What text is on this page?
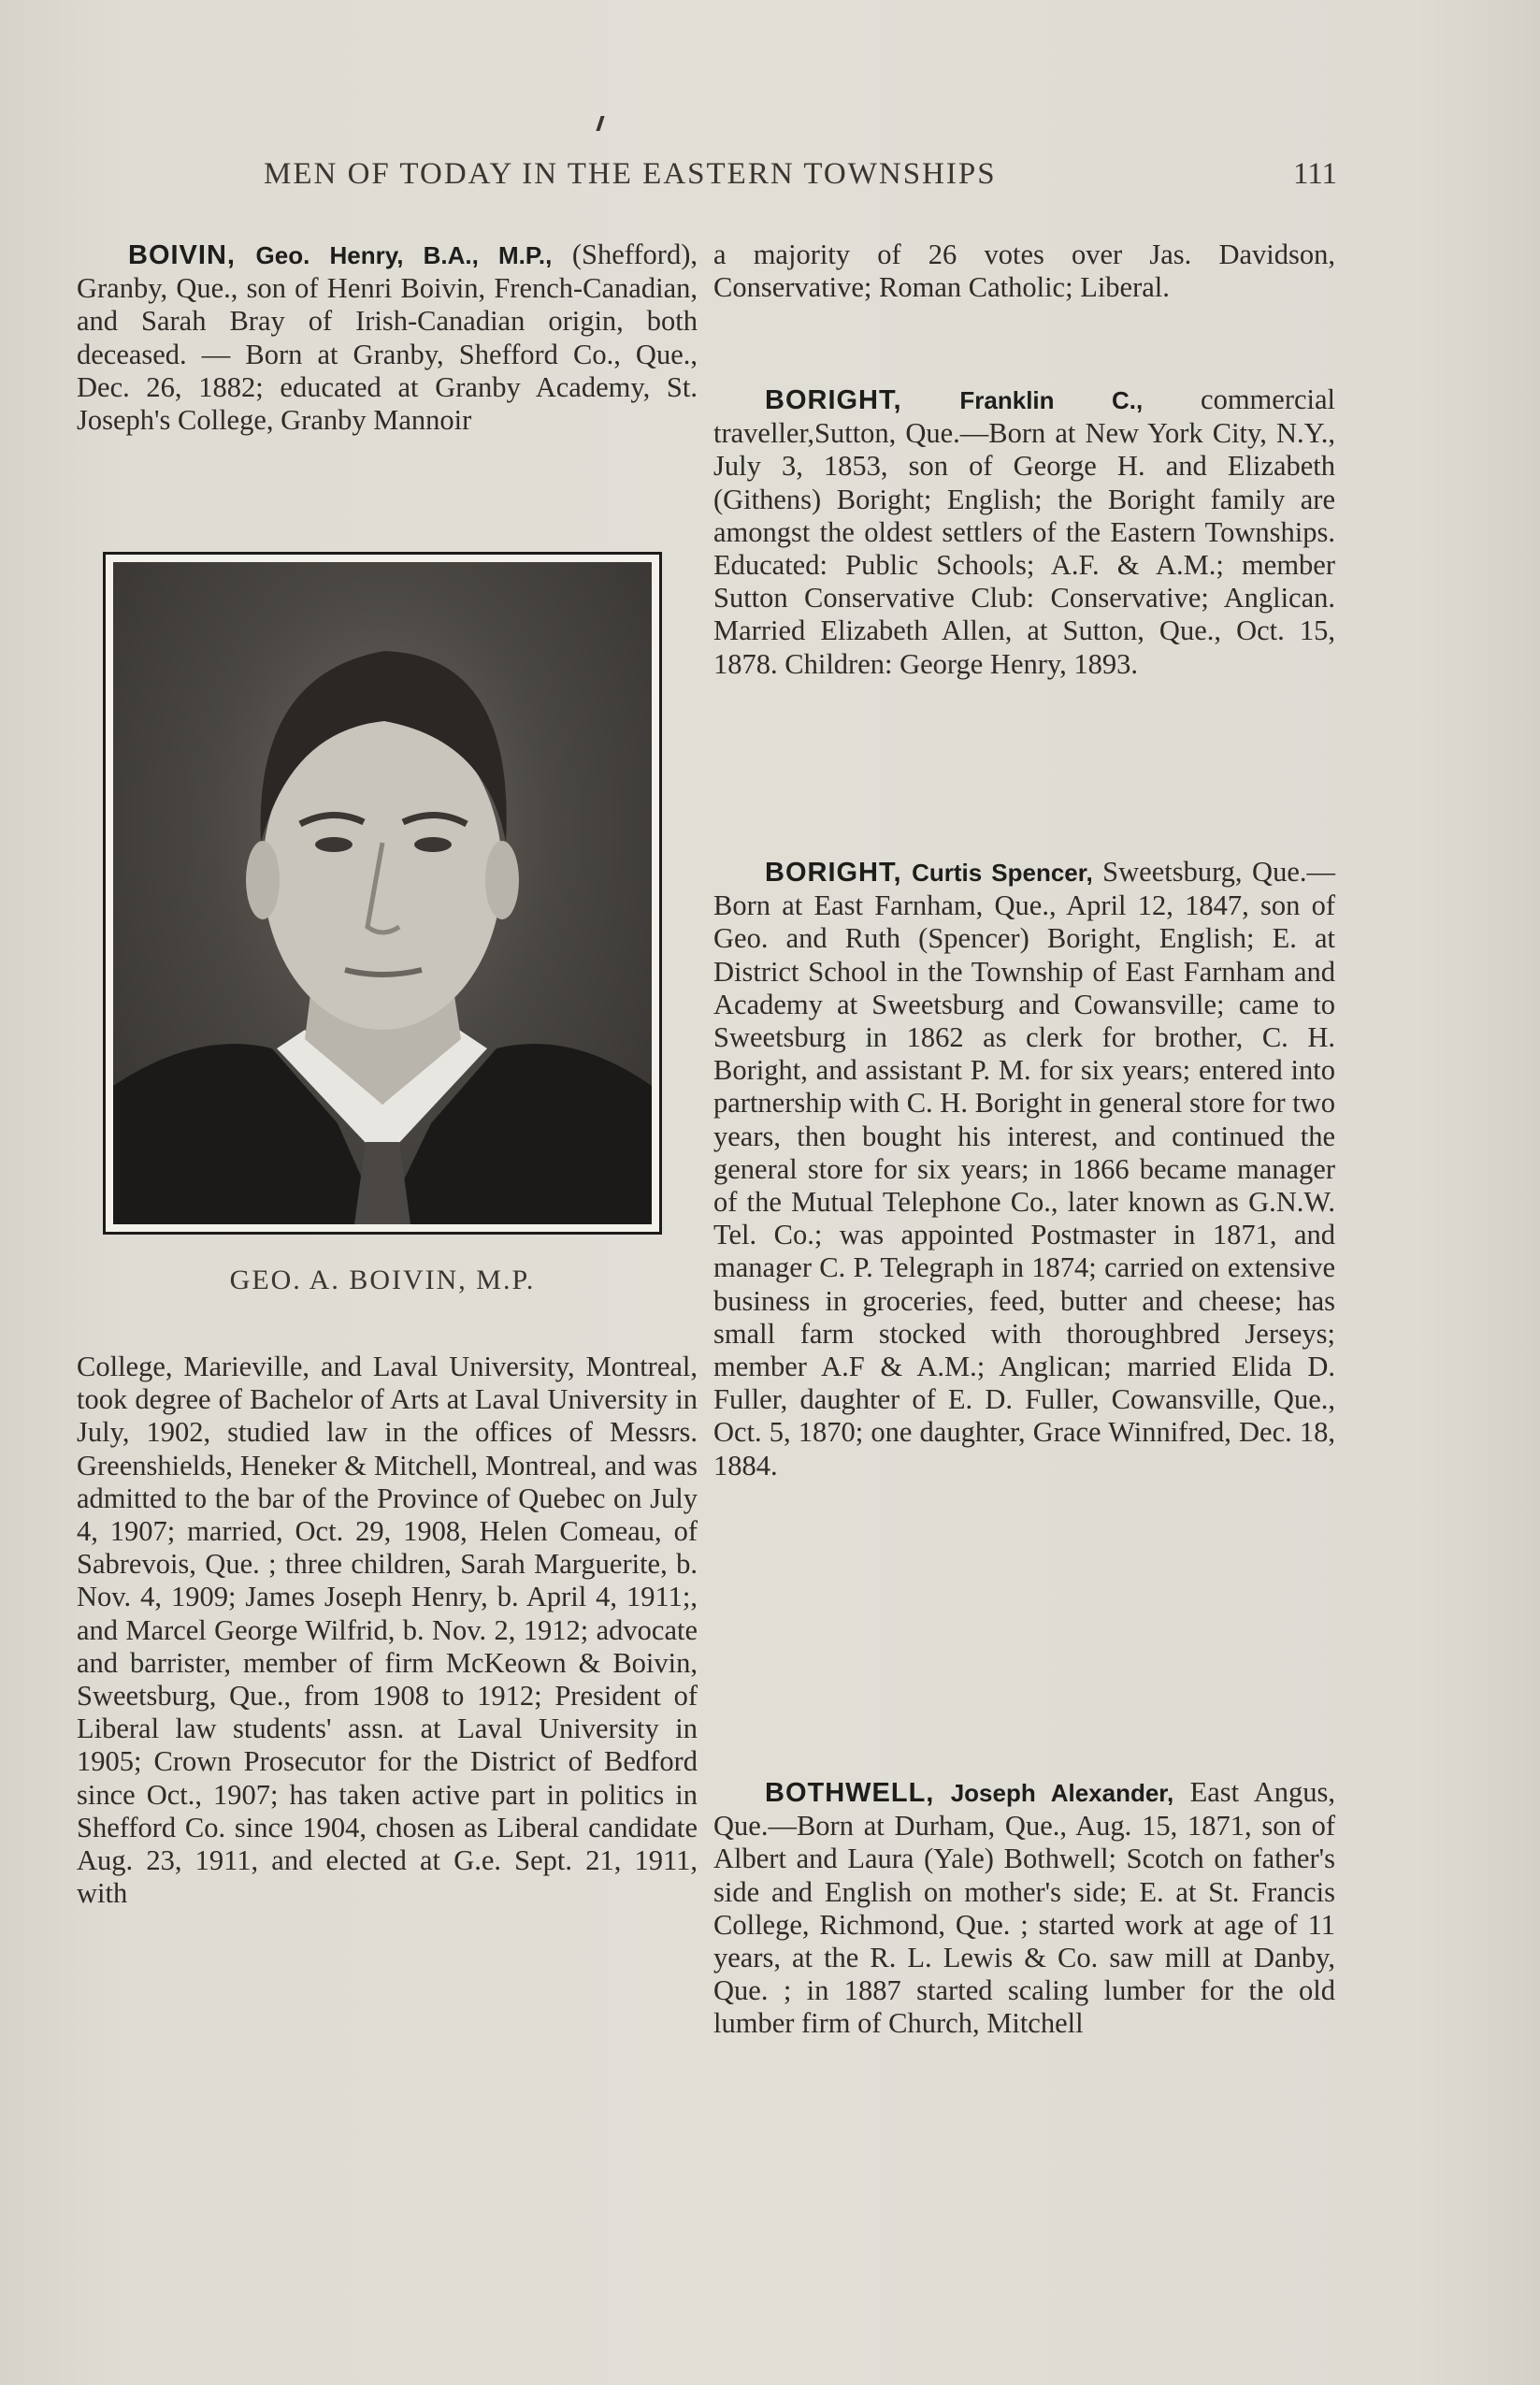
MEN OF TODAY IN THE EASTERN TOWNSHIPS	111

BOIVIN, Geo. Henry, B.A., M.P., (Shefford), Granby, Que., son of Henri Boivin, French-Canadian, and Sarah Bray of Irish-Canadian origin, both deceased. — Born at Granby, Shefford Co., Que., Dec. 26, 1882; educated at Granby Academy, St. Joseph's College, Granby Mannoir

GEO. A. BOIVIN, M.P.

College, Marieville, and Laval University, Montreal, took degree of Bachelor of Arts at Laval University in July, 1902, studied law in the offices of Messrs. Greenshields, Heneker & Mitchell, Montreal, and was admitted to the bar of the Province of Quebec on July 4, 1907; married, Oct. 29, 1908, Helen Comeau, of Sabrevois, Que. ; three children, Sarah Marguerite, b. Nov. 4, 1909; James Joseph Henry, b. April 4, 1911;, and Marcel George Wilfrid, b. Nov. 2, 1912; advocate and barrister, member of firm McKeown & Boivin, Sweetsburg, Que., from 1908 to 1912; President of Liberal law students' assn. at Laval University in 1905; Crown Prosecutor for the District of Bedford since Oct., 1907; has taken active part in politics in Shefford Co. since 1904, chosen as Liberal candidate Aug. 23, 1911, and elected at G.e. Sept. 21, 1911, with

a majority of 26 votes over Jas. Davidson, Conservative; Roman Catholic; Liberal.

BORIGHT, Franklin C., commercial traveller,Sutton, Que.—Born at New York City, N.Y., July 3, 1853, son of George H. and Elizabeth (Githens) Boright; English; the Boright family are amongst the oldest settlers of the Eastern Townships. Educated: Public Schools; A.F. & A.M.; member Sutton Conservative Club: Conservative; Anglican. Married Elizabeth Allen, at Sutton, Que., Oct. 15, 1878. Children: George Henry, 1893.

BORIGHT, Curtis Spencer, Sweetsburg, Que.—Born at East Farnham, Que., April 12, 1847, son of Geo. and Ruth (Spencer) Boright, English; E. at District School in the Township of East Farnham and Academy at Sweetsburg and Cowansville; came to Sweetsburg in 1862 as clerk for brother, C. H. Boright, and assistant P. M. for six years; entered into partnership with C. H. Boright in general store for two years, then bought his interest, and continued the general store for six years; in 1866 became manager of the Mutual Telephone Co., later known as G.N.W. Tel. Co.; was appointed Postmaster in 1871, and manager C. P. Telegraph in 1874; carried on extensive business in groceries, feed, butter and cheese; has small farm stocked with thoroughbred Jerseys; member A.F & A.M.; Anglican; married Elida D. Fuller, daughter of E. D. Fuller, Cowansville, Que., Oct. 5, 1870; one daughter, Grace Winnifred, Dec. 18, 1884.

BOTHWELL, Joseph Alexander, East Angus, Que.—Born at Durham, Que., Aug. 15, 1871, son of Albert and Laura (Yale) Bothwell; Scotch on father's side and English on mother's side; E. at St. Francis College, Richmond, Que. ; started work at age of 11 years, at the R. L. Lewis & Co. saw mill at Danby, Que. ; in 1887 started scaling lumber for the old lumber firm of Church, Mitchell
